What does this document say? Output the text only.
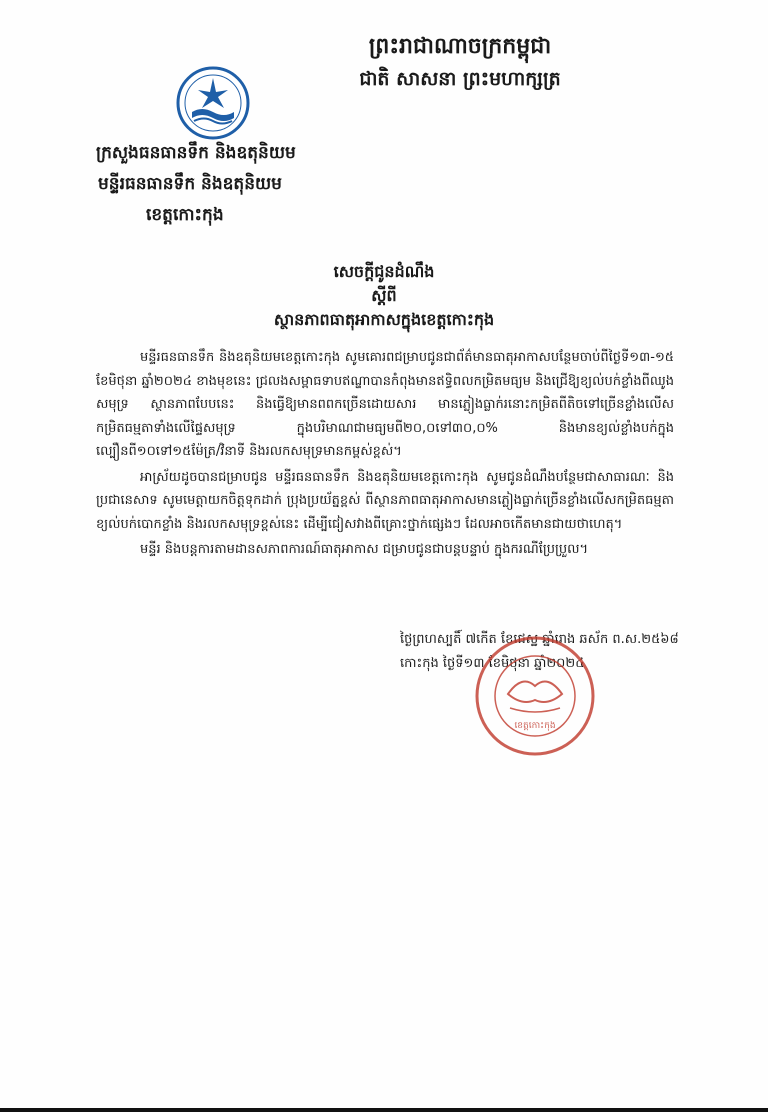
ព្រះរាជាណាចក្រកម្ពុជា

ជាតិ សាសនា ព្រះមហាក្សត្រ

ក្រសួងធនធានទឹក និងឧតុនិយម

មន្ទីរធនធានទឹក និងឧតុនិយម

ខេត្តកោះកុង

សេចក្តីជូនដំណឹង

ស្តីពី

ស្ថានភាពធាតុអាកាសក្នុងខេត្តកោះកុង

មន្ទីរធនធានទឹក និងឧតុនិយមខេត្តកោះកុង សូមគោរពជម្រាបជូនជាព័ត៌មានធាតុអាកាសបន្ថែមចាប់ពីថ្ងៃទី១៣-១៥ ខែមិថុនា ឆ្នាំ២០២៤ ខាងមុខនេះ ជ្រលងសម្ពាធទាបឥណ្ឌាបានកំពុងមានឥទ្ធិពលកម្រិតមធ្យម និងជ្រើឱ្យខ្យល់បក់ខ្លាំងពីឈូងសមុទ្រ ស្ថានភាពបែបនេះ និងធ្វើឱ្យមានពពកច្រើនដោយសារ មានភ្លៀងធ្លាក់រនោះកម្រិតពីតិចទៅច្រើនខ្លាំងលើសកម្រិតធម្មតាទាំងលើផ្ទៃសមុទ្រ ក្នុងបរិមាណជាមធ្យមពី២០,០ទៅ៣០,០% និងមានខ្យល់ខ្លាំងបក់ក្នុងល្បឿនពី១០ទៅ១៥ម៉ែត្រ/វិនាទី និងរលកសមុទ្រមានកម្ពស់ខ្ពស់។

អាស្រ័យដូចបានជម្រាបជូន មន្ទីរធនធានទឹក និងឧតុនិយមខេត្តកោះកុង សូមជូនដំណឹងបន្ថែមជាសាធារណៈ និងប្រជានេសាទ សូមមេត្តាយកចិត្តទុកដាក់ ប្រុងប្រយ័ត្នខ្ពស់ ពីស្ថានភាពធាតុអាកាសមានភ្លៀងធ្លាក់ច្រើនខ្លាំងលើសកម្រិតធម្មតា ខ្យល់បក់បោកខ្លាំង និងរលកសមុទ្រខ្ពស់នេះ ដើម្បីជៀសវាងពីគ្រោះថ្នាក់ផ្សេងៗ ដែលអាចកើតមានជាយថាហេតុ។

មន្ទីរ និងបន្តការតាមដានសភាពការណ៍ធាតុអាកាស ជម្រាបជូនជាបន្តបន្ទាប់ ក្នុងករណីប្រែប្រួល។

ថ្ងៃព្រហស្បតិ៍ ៧កើត ខែជេស្ឋ ឆ្នាំរោង ឆស័ក ព.ស.២៥៦៨

កោះកុង ថ្ងៃទី១៣ ខែមិថុនា ឆ្នាំ២០២៤

ខេត្តកោះកុង
